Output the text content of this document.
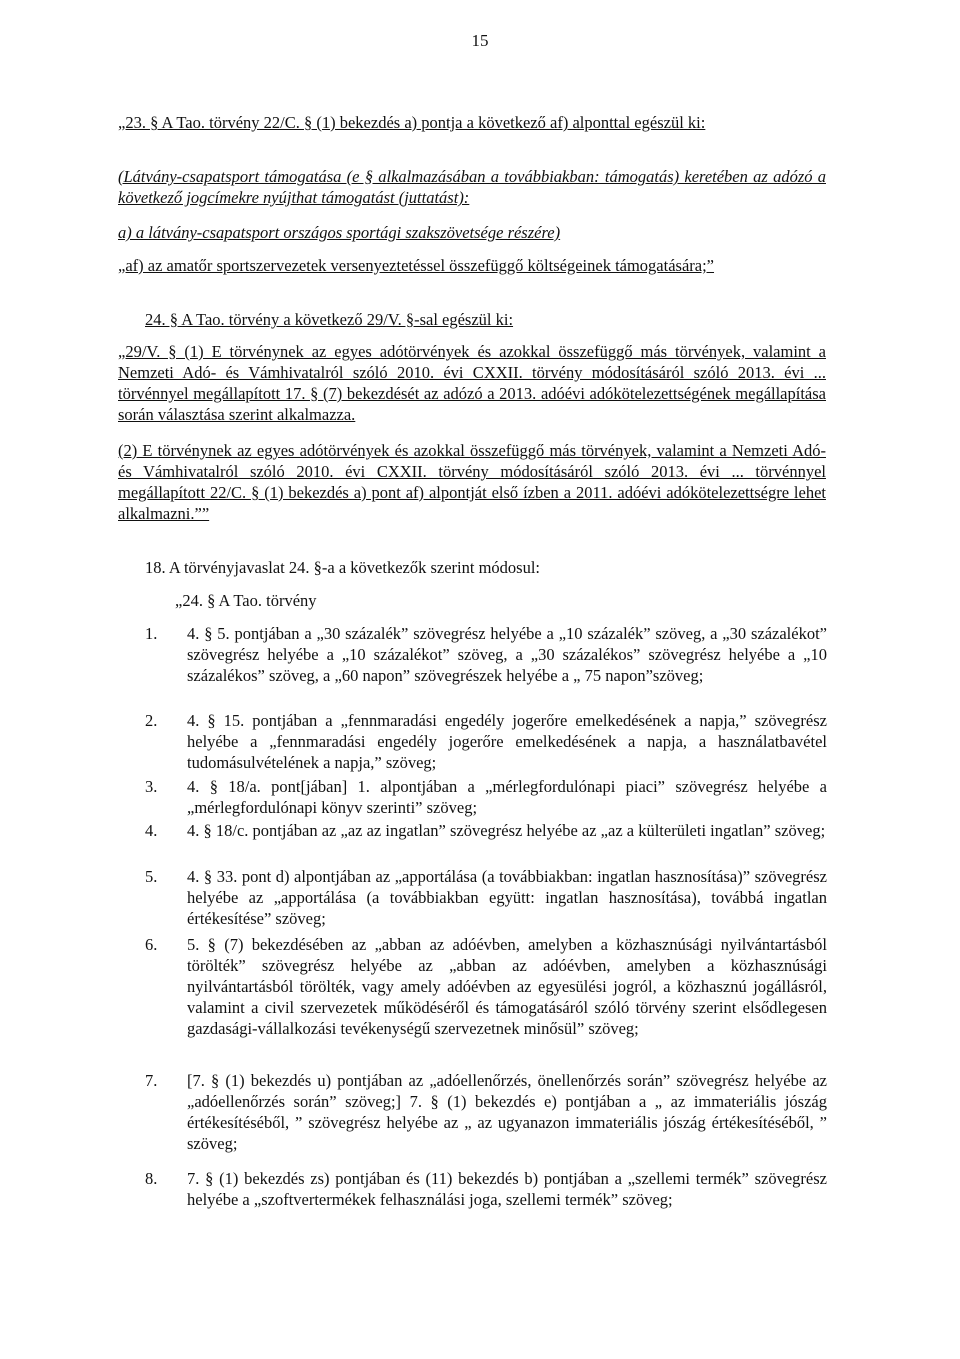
15
„23. § A Tao. törvény 22/C. § (1) bekezdés a) pontja a következő af) alponttal egészül ki:
(Látvány-csapatsport támogatása (e § alkalmazásában a továbbiakban: támogatás) keretében az adózó a következő jogcímekre nyújthat támogatást (juttatást):
a) a látvány-csapatsport országos sportági szakszövetsége részére)
„af) az amatőr sportszervezetek versenyeztetéssel összefüggő költségeinek támogatására;”
24. § A Tao. törvény a következő 29/V. §-sal egészül ki:
„29/V. § (1) E törvénynek az egyes adótörvények és azokkal összefüggő más törvények, valamint a Nemzeti Adó- és Vámhivatalról szóló 2010. évi CXXII. törvény módosításáról szóló 2013. évi ... törvénnyel megállapított 17. § (7) bekezdését az adózó a 2013. adóévi adókötelezettségének megállapítása során választása szerint alkalmazza.
(2) E törvénynek az egyes adótörvények és azokkal összefüggő más törvények, valamint a Nemzeti Adó- és Vámhivatalról szóló 2010. évi CXXII. törvény módosításáról szóló 2013. évi ... törvénnyel megállapított 22/C. § (1) bekezdés a) pont af) alpontját első ízben a 2011. adóévi adókötelezettségre lehet alkalmazni.””
18. A törvényjavaslat 24. §-a a következők szerint módosul:
„24. § A Tao. törvény
1.	4. § 5. pontjában a „30 százalék” szövegrész helyébe a „10 százalék” szöveg, a „30 százalékot” szövegrész helyébe a „10 százalékot” szöveg, a „30 százalékos” szövegrész helyébe a „10 százalékos” szöveg, a „60 napon” szövegrészek helyébe a „ 75 napon”szöveg;
2.	4. § 15. pontjában a „fennmaradási engedély jogerőre emelkedésének a napja,” szövegrész helyébe a „fennmaradási engedély jogerőre emelkedésének a napja, a használatbavétel tudomásulvételének a napja,” szöveg;
3.	4. § 18/a. pont[jában] 1. alpontjában a „mérlegfordulónapi piaci” szövegrész helyébe a „mérlegfordulónapi könyv szerinti” szöveg;
4.	4. § 18/c. pontjában az „az az ingatlan” szövegrész helyébe az „az a külterületi ingatlan” szöveg;
5.	4. § 33. pont d) alpontjában az „apportálása (a továbbiakban: ingatlan hasznosítása)” szövegrész helyébe az „apportálása (a továbbiakban együtt: ingatlan hasznosítása), továbbá ingatlan értékesítése” szöveg;
6.	5. § (7) bekezdésében az „abban az adóévben, amelyben a közhasznúsági nyilvántartásból törölték” szövegrész helyébe az „abban az adóévben, amelyben a közhasznúsági nyilvántartásból törölték, vagy amely adóévben az egyesülési jogról, a közhasznú jogállásról, valamint a civil szervezetek működéséről és támogatásáról szóló törvény szerint elsődlegesen gazdasági-vállalkozási tevékenységű szervezetnek minősül” szöveg;
7.	[7. § (1) bekezdés u) pontjában az „adóellenőrzés, önellenőrzés során” szövegrész helyébe az „adóellenőrzés során” szöveg;] 7. § (1) bekezdés e) pontjában a „ az immateriális jószág értékesítéséből, ” szövegrész helyébe az „ az ugyanazon immateriális jószág értékesítéséből, ” szöveg;
8.	7. § (1) bekezdés zs) pontjában és (11) bekezdés b) pontjában a „szellemi termék” szövegrész helyébe a „szoftvertermékek felhasználási joga, szellemi termék” szöveg;
